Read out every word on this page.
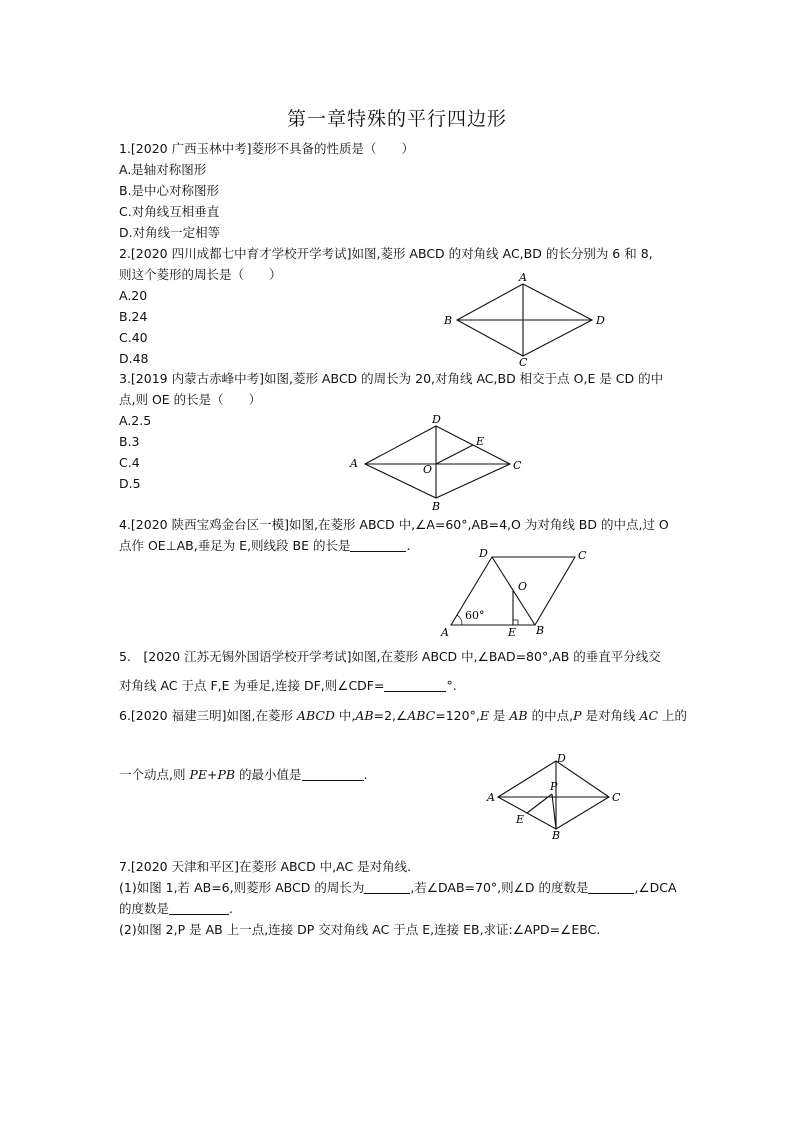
第一章特殊的平行四边形
1.[2020 广西玉林中考]菱形不具备的性质是（　　）
A.是轴对称图形
B.是中心对称图形
C.对角线互相垂直
D.对角线一定相等
2.[2020 四川成都七中育才学校开学考试]如图,菱形 ABCD 的对角线 AC,BD 的长分别为 6 和 8,
则这个菱形的周长是（　　）
A.20
B.24
C.40
D.48
A
B
C
D
3.[2019 内蒙古赤峰中考]如图,菱形 ABCD 的周长为 20,对角线 AC,BD 相交于点 O,E 是 CD 的中
点,则 OE 的长是（　　）
A.2.5
B.3
C.4
D.5
D
A	C
B
E
O
4.[2020 陕西宝鸡金台区一模]如图,在菱形 ABCD 中,∠A=60°,AB=4,O 为对角线 BD 的中点,过 O
点作 OE⊥AB,垂足为 E,则线段 BE 的长是	.
A	B
C
D
E
O
60°
5.　[2020 江苏无锡外国语学校开学考试]如图,在菱形 ABCD 中,∠BAD=80°,AB 的垂直平分线交
对角线 AC 于点 F,E 为垂足,连接 DF,则∠CDF=	°.
6.[2020 福建三明]如图,在菱形 ABCD 中,AB=2,∠ABC=120°,E 是 AB 的中点,P 是对角线 AC 上的
一个动点,则 PE+PB 的最小值是	.
D
A	C
B
E
P
7.[2020 天津和平区]在菱形 ABCD 中,AC 是对角线.
(1)如图 1,若 AB=6,则菱形 ABCD 的周长为	,若∠DAB=70°,则∠D 的度数是	,∠DCA
的度数是	.
(2)如图 2,P 是 AB 上一点,连接 DP 交对角线 AC 于点 E,连接 EB,求证:∠APD=∠EBC.
